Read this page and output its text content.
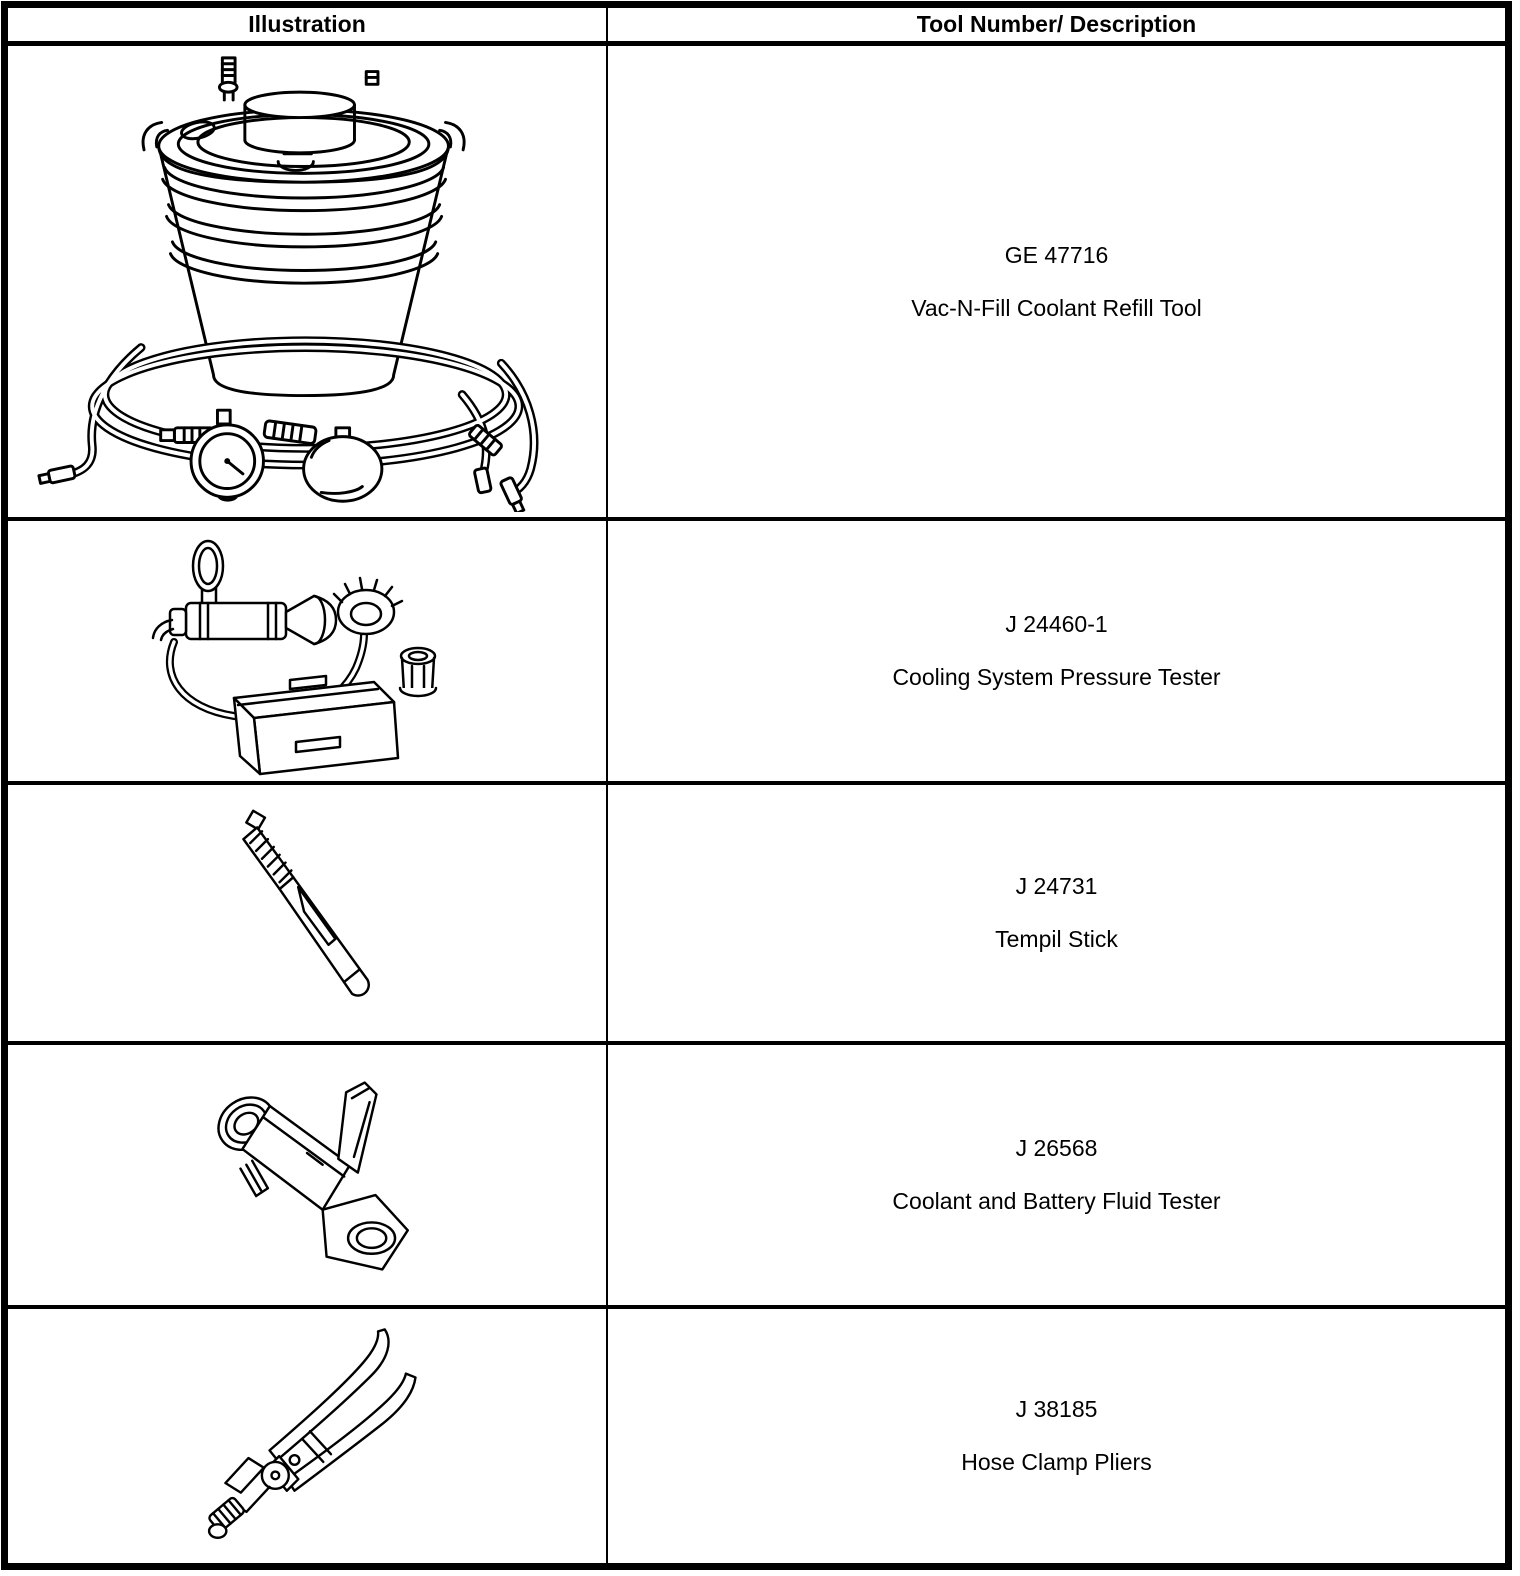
Illustration	Tool Number/ Description
GE 47716
Vac-N-Fill Coolant Refill Tool
J 24460-1
Cooling System Pressure Tester
J 24731
Tempil Stick
J 26568
Coolant and Battery Fluid Tester
J 38185
Hose Clamp Pliers
